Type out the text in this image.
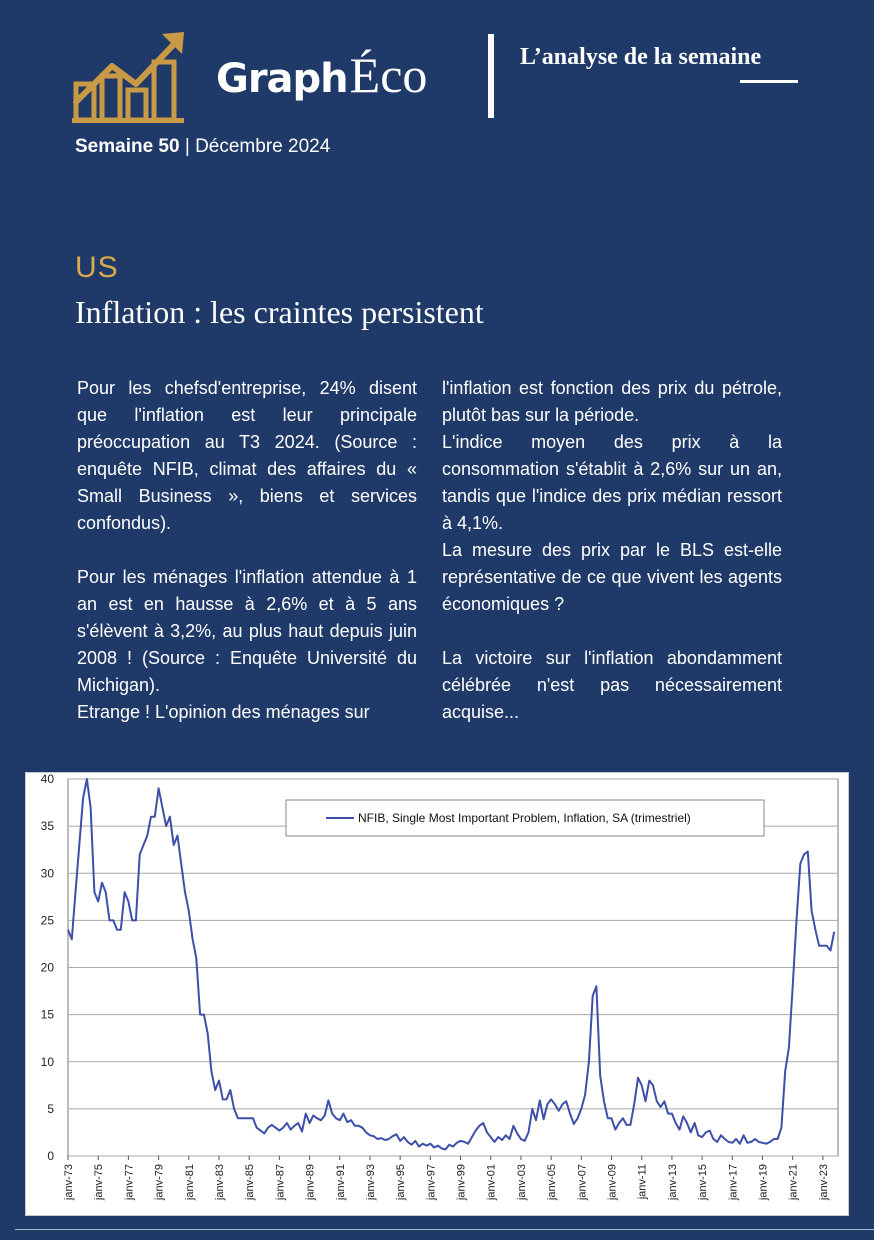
Graph Éco	L’analyse de la semaine
Semaine 50 | Décembre 2024
US
Inflation : les craintes persistent

Pour les chefsd'entreprise, 24% disent que l'inflation est leur principale préoccupation au T3 2024. (Source : enquête NFIB, climat des affaires du « Small Business », biens et services confondus).

Pour les ménages l'inflation attendue à 1 an est en hausse à 2,6% et à 5 ans s'élèvent à 3,2%, au plus haut depuis juin 2008 ! (Source : Enquête Université du Michigan).

Etrange ! L'opinion des ménages sur

l'inflation est fonction des prix du pétrole, plutôt bas sur la période.

L'indice moyen des prix à la consommation s'établit à 2,6% sur un an, tandis que l'indice des prix médian ressort à 4,1%.

La mesure des prix par le BLS est-elle représentative de ce que vivent les agents économiques ?

La victoire sur l'inflation abondamment célébrée n'est pas nécessairement acquise...

0
5
10
15
20
25
30
35
40
janv-73 janv-75 janv-77 janv-79 janv-81 janv-83 janv-85 janv-87 janv-89 janv-91 janv-93 janv-95 janv-97 janv-99 janv-01 janv-03 janv-05 janv-07 janv-09 janv-11 janv-13 janv-15 janv-17 janv-19 janv-21 janv-23
NFIB, Single Most Important Problem, Inflation, SA (trimestriel)
